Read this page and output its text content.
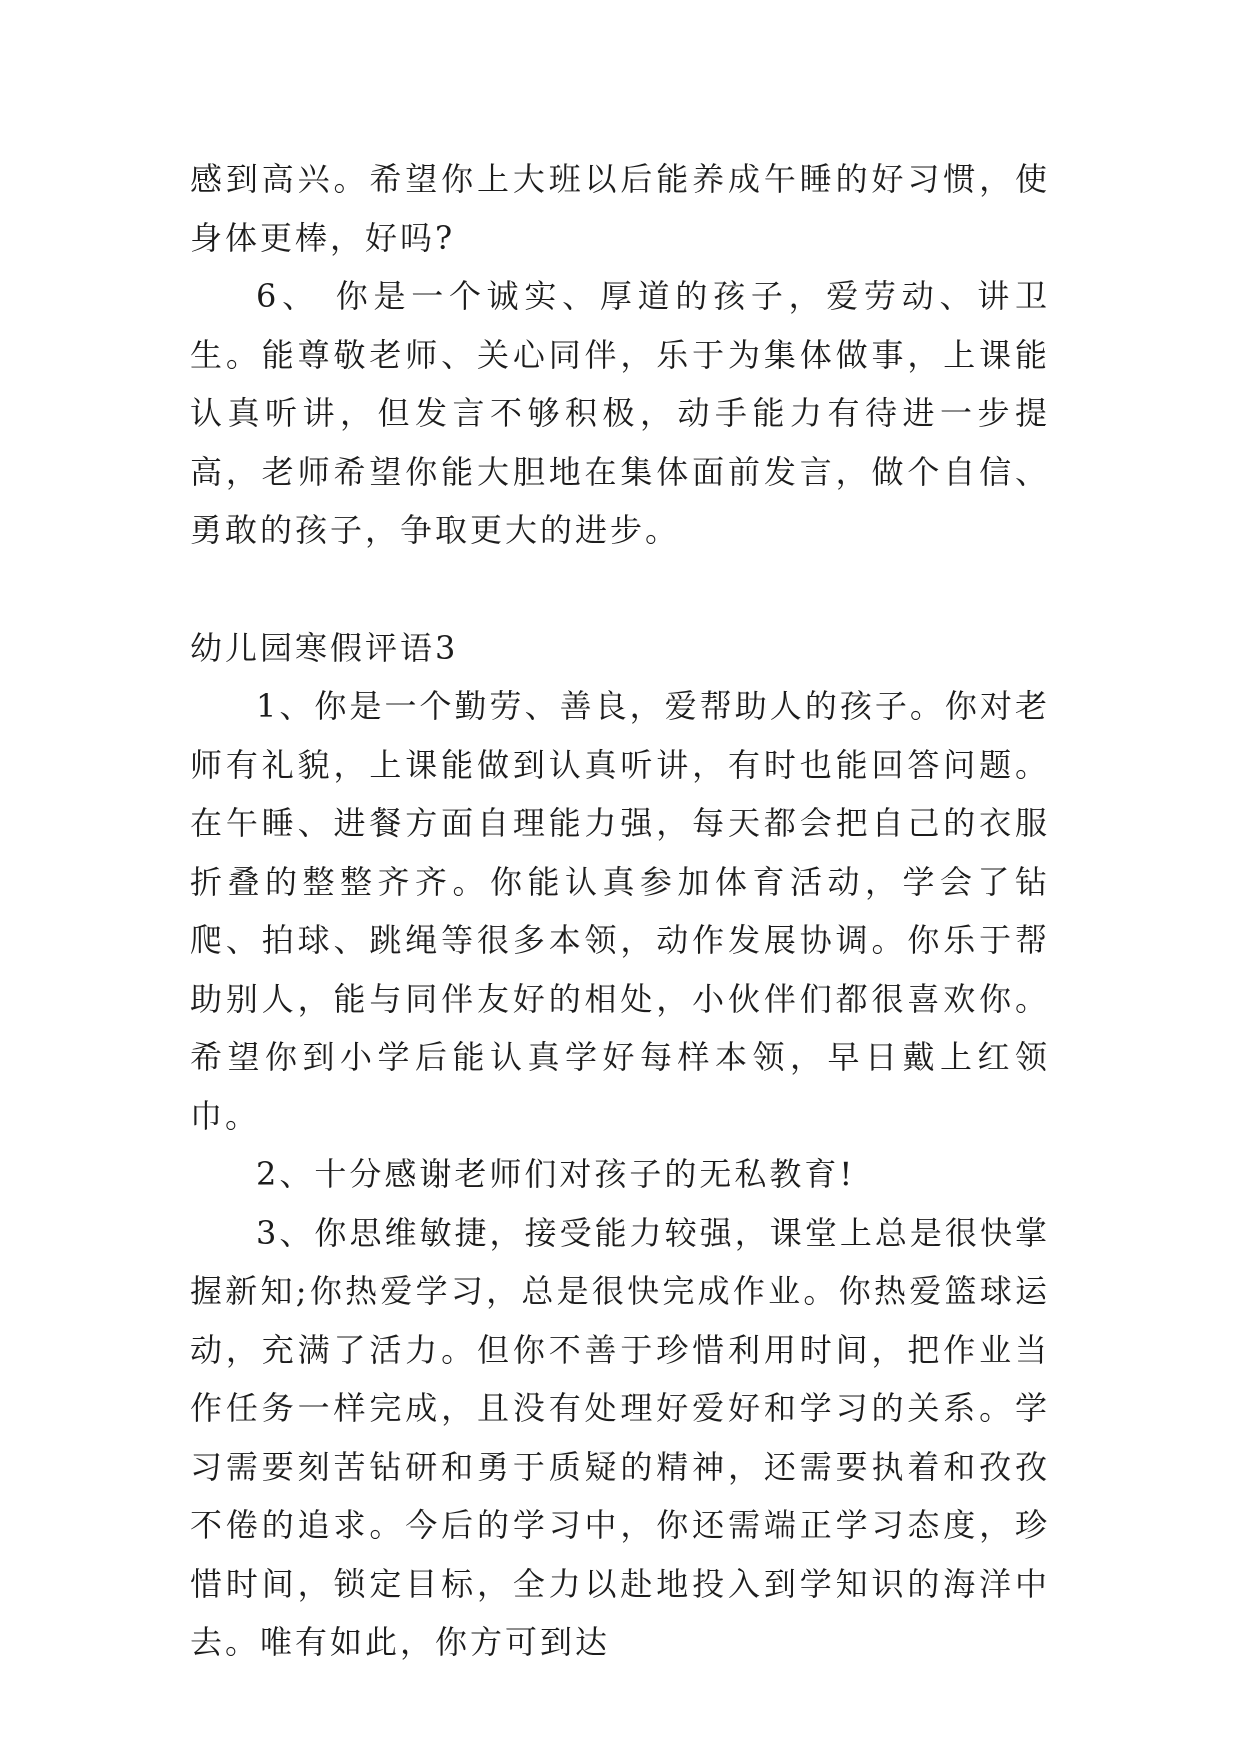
感到高兴。希望你上大班以后能养成午睡的好习惯，使身体更棒，好吗?

6、 你是一个诚实、厚道的孩子，爱劳动、讲卫生。能尊敬老师、关心同伴，乐于为集体做事，上课能认真听讲，但发言不够积极，动手能力有待进一步提高，老师希望你能大胆地在集体面前发言，做个自信、勇敢的孩子，争取更大的进步。

幼儿园寒假评语3

1、你是一个勤劳、善良，爱帮助人的孩子。你对老师有礼貌，上课能做到认真听讲，有时也能回答问题。在午睡、进餐方面自理能力强，每天都会把自己的衣服折叠的整整齐齐。你能认真参加体育活动，学会了钻爬、拍球、跳绳等很多本领，动作发展协调。你乐于帮助别人，能与同伴友好的相处，小伙伴们都很喜欢你。希望你到小学后能认真学好每样本领，早日戴上红领巾。

2、十分感谢老师们对孩子的无私教育!

3、你思维敏捷，接受能力较强，课堂上总是很快掌握新知;你热爱学习，总是很快完成作业。你热爱篮球运动，充满了活力。但你不善于珍惜利用时间，把作业当作任务一样完成，且没有处理好爱好和学习的关系。学习需要刻苦钻研和勇于质疑的精神，还需要执着和孜孜不倦的追求。今后的学习中，你还需端正学习态度，珍惜时间，锁定目标，全力以赴地投入到学知识的海洋中去。唯有如此，你方可到达
